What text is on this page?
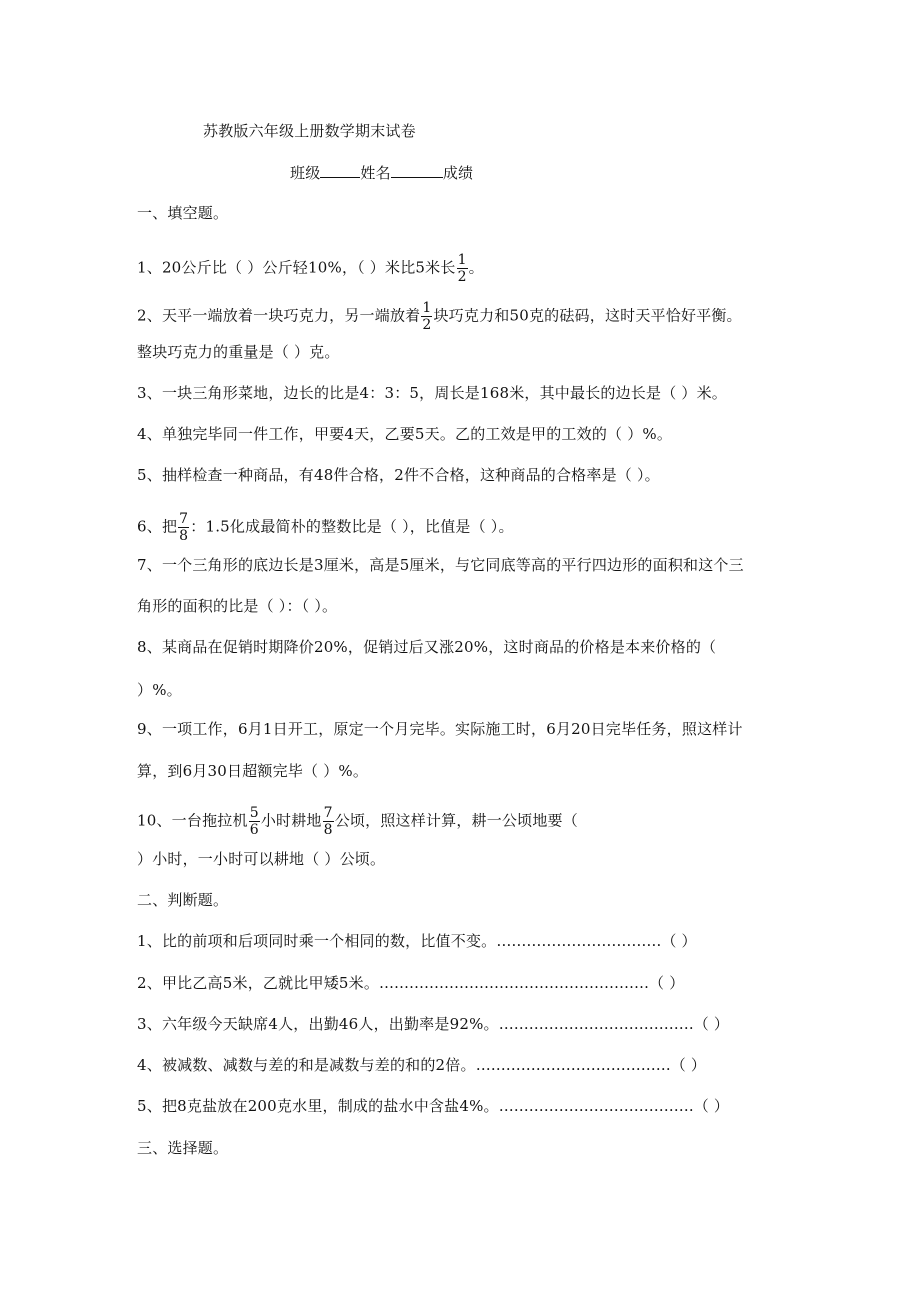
苏教版六年级上册数学期末试卷
班级	姓名	成绩
一、填空题。
1、20公斤比（ ）公斤轻10%，（ ）米比5米长 $\frac{1}{2}$ 。
2、天平一端放着一块巧克力，另一端放着 $\frac{1}{2}$ 块巧克力和50克的砝码，这时天平恰好平衡。
整块巧克力的重量是（ ）克。
3、一块三角形菜地，边长的比是4：3：5，周长是168米，其中最长的边长是（ ）米。
4、单独完毕同一件工作，甲要4天，乙要5天。乙的工效是甲的工效的（ ）%。
5、抽样检查一种商品，有48件合格，2件不合格，这种商品的合格率是（ ）。
6、把 $\frac{7}{8}$ ：1.5化成最简朴的整数比是（ ），比值是（ ）。
7、一个三角形的底边长是3厘米，高是5厘米，与它同底等高的平行四边形的面积和这个三
角形的面积的比是（ ）：（ ）。
8、某商品在促销时期降价20%，促销过后又涨20%，这时商品的价格是本来价格的（
）%。
9、一项工作，6月1日开工，原定一个月完毕。实际施工时，6月20日完毕任务，照这样计
算，到6月30日超额完毕（ ）%。
10、一台拖拉机 $\frac{5}{6}$ 小时耕地 $\frac{7}{8}$ 公顷，照这样计算，耕一公顷地要（
）小时，一小时可以耕地（ ）公顷。
二、判断题。
1、比的前项和后项同时乘一个相同的数，比值不变。……………………………（ ）
2、甲比乙高5米，乙就比甲矮5米。………………………………………………（ ）
3、六年级今天缺席4人，出勤46人，出勤率是92%。…………………………………（ ）
4、被减数、减数与差的和是减数与差的和的2倍。…………………………………（ ）
5、把8克盐放在200克水里，制成的盐水中含盐4%。…………………………………（ ）
三、选择题。
